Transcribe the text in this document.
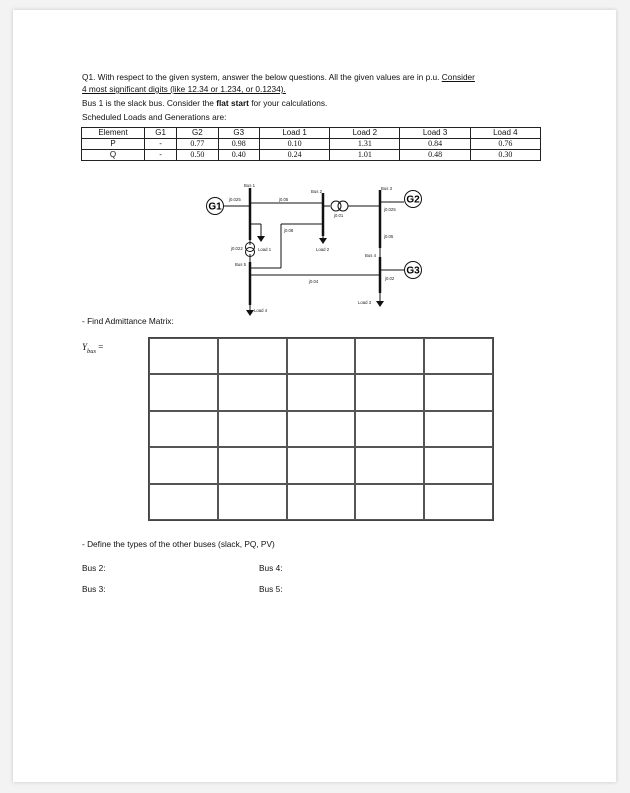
Q1. With respect to the given system, answer the below questions. All the given values are in p.u. Consider
4 most significant digits (like 12.34 or 1.234, or 0.1234).
Bus 1 is the slack bus. Consider the flat start for your calculations.
Scheduled Loads and Generations are:
Element	G1	G2	G3	Load 1	Load 2	Load 3	Load 4
P	-	0.77	0.98	0.10	1.31	0.84	0.76
Q	-	0.50	0.40	0.24	1.01	0.48	0.30
G1
G2
G3
Bus 1
Bus 2
Bus 3
Bus 4
Bus 5
j0.025	j0.05
j0.01
j0.025
j0.022
j0.08
j0.05
j0.02
j0.04
Load 1	Load 2
Load 3
Load 4
- Find Admittance Matrix:
$Y_{bus}$ =
- Define the types of the other buses (slack, PQ, PV)
Bus 2:	Bus 4:
Bus 3:	Bus 5:
